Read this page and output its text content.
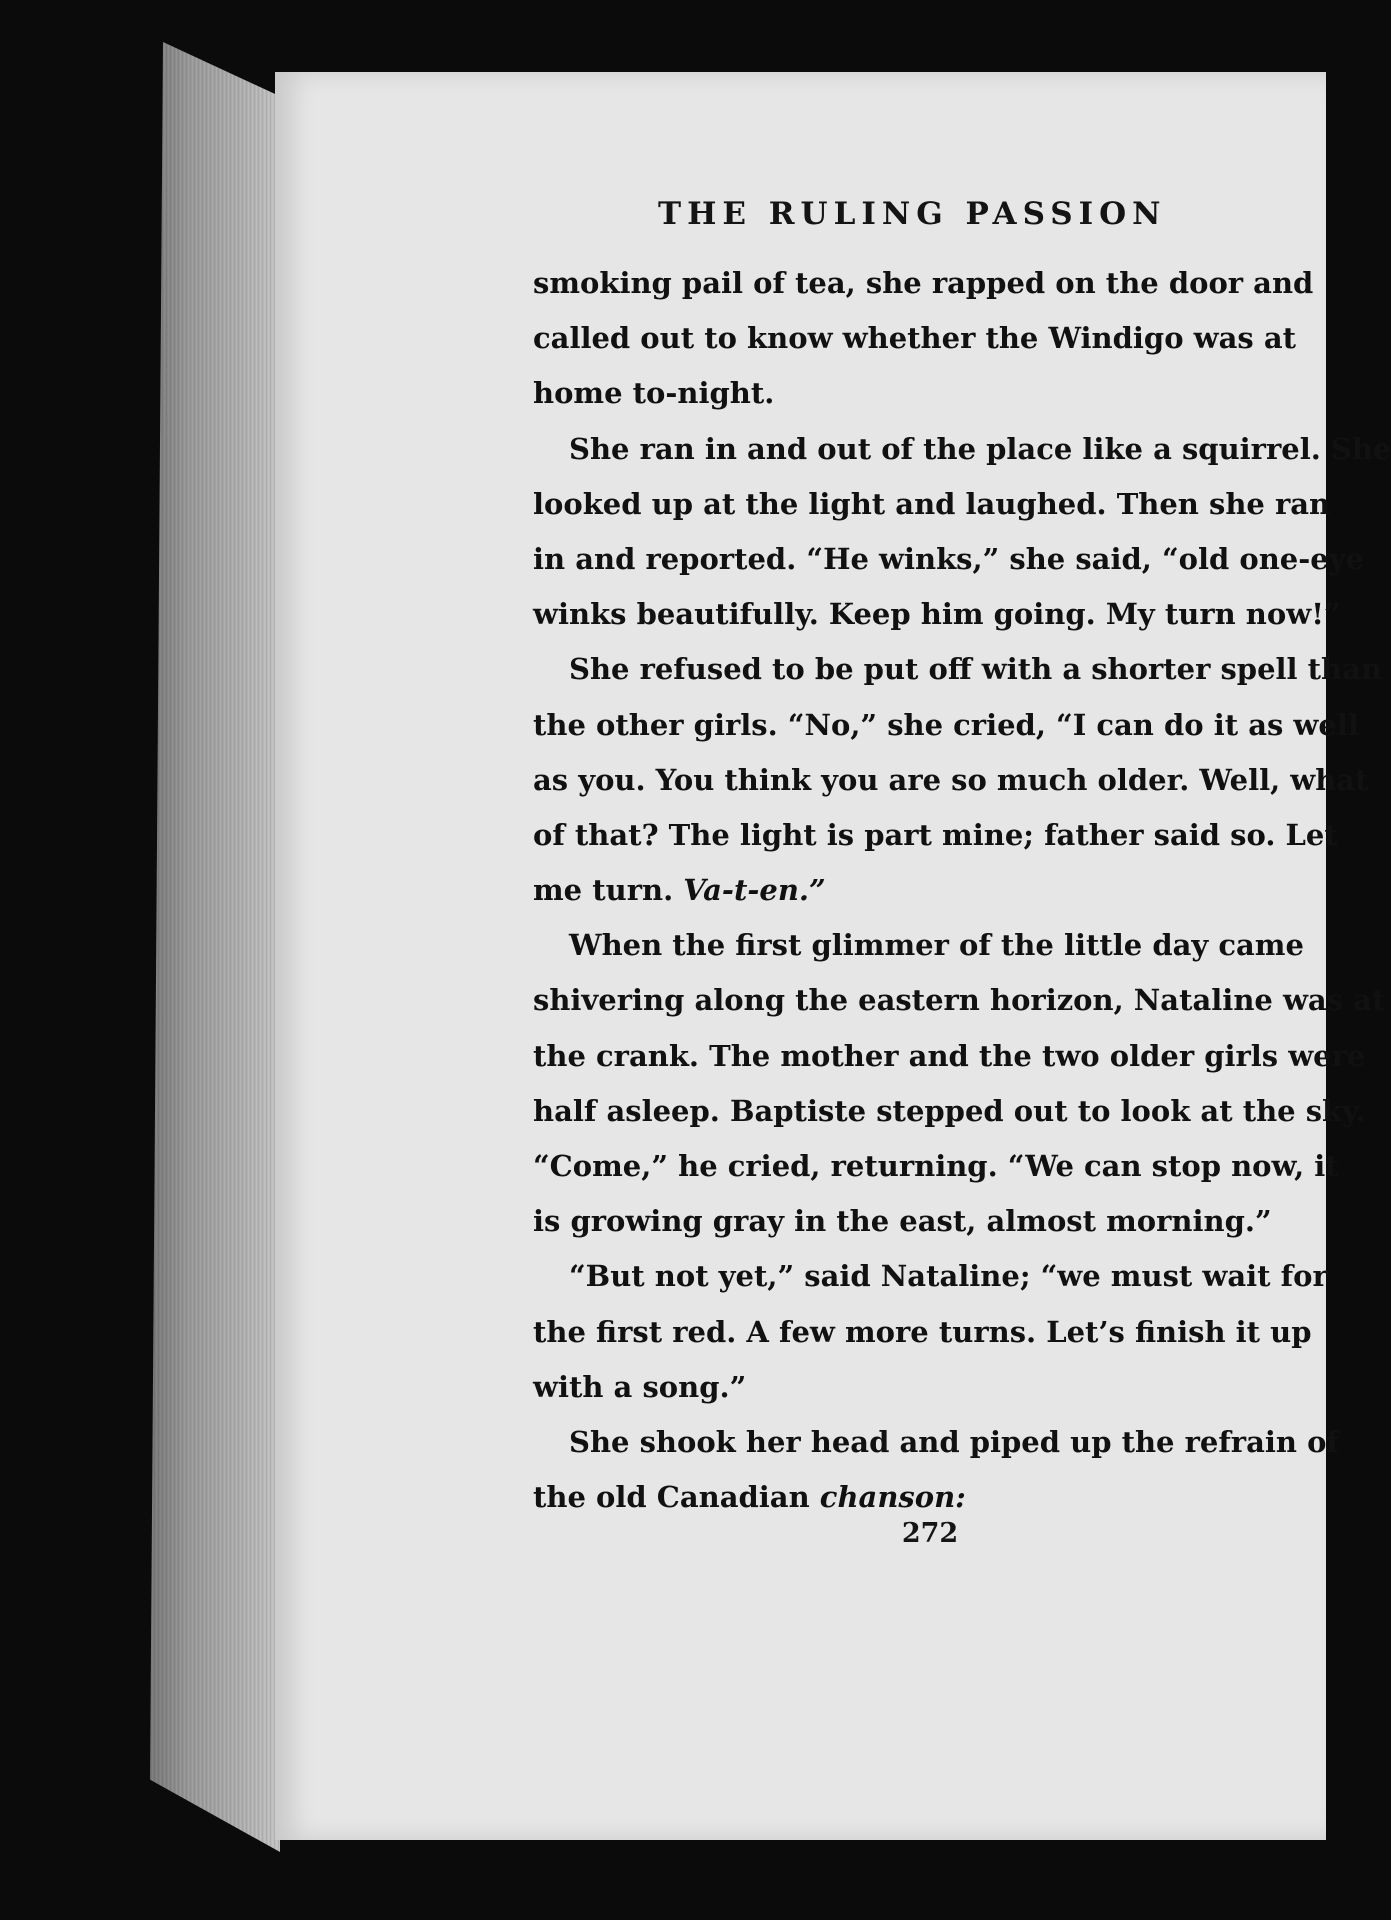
THE RULING PASSION
smoking pail of tea, she rapped on the door and
called out to know whether the Windigo was at
home to-night.
She ran in and out of the place like a squirrel. She
looked up at the light and laughed. Then she ran
in and reported. “He winks,” she said, “old one-eye
winks beautifully. Keep him going. My turn now!”
She refused to be put off with a shorter spell than
the other girls. “No,” she cried, “I can do it as well
as you. You think you are so much older. Well, what
of that? The light is part mine; father said so. Let
me turn. Va-t-en.”
When the first glimmer of the little day came
shivering along the eastern horizon, Nataline was at
the crank. The mother and the two older girls were
half asleep. Baptiste stepped out to look at the sky.
“Come,” he cried, returning. “We can stop now, it
is growing gray in the east, almost morning.”
“But not yet,” said Nataline; “we must wait for
the first red. A few more turns. Let’s finish it up
with a song.”
She shook her head and piped up the refrain of
the old Canadian chanson:
272
